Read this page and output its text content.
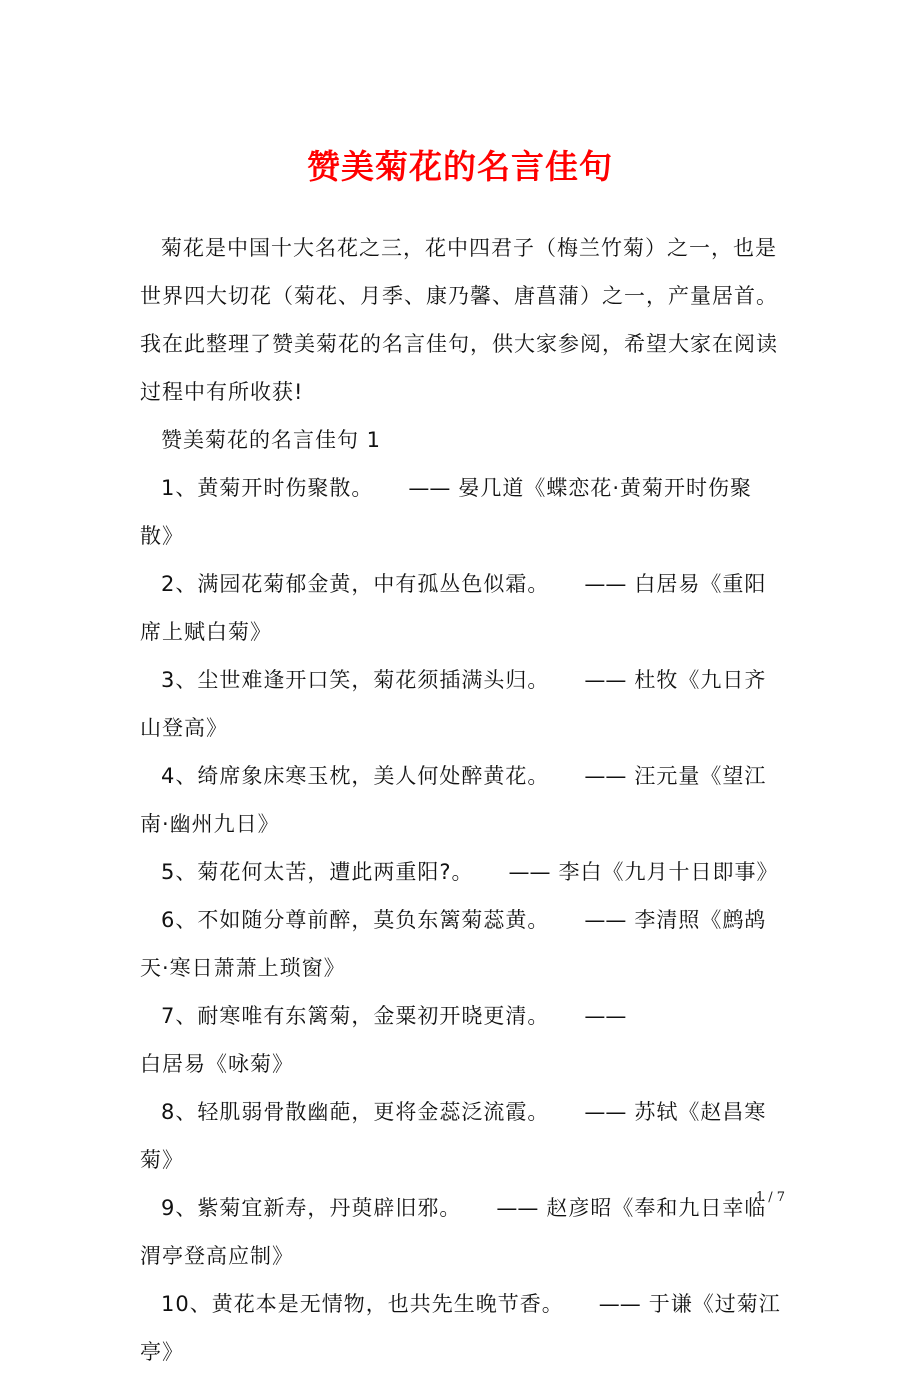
赞美菊花的名言佳句

菊花是中国十大名花之三，花中四君子（梅兰竹菊）之一，也是世界四大切花（菊花、月季、康乃馨、唐菖蒲）之一，产量居首。我在此整理了赞美菊花的名言佳句，供大家参阅，希望大家在阅读过程中有所收获!

赞美菊花的名言佳句 1

1、黄菊开时伤聚散。 —— 晏几道《蝶恋花·黄菊开时伤聚散》

2、满园花菊郁金黄，中有孤丛色似霜。 —— 白居易《重阳席上赋白菊》

3、尘世难逢开口笑，菊花须插满头归。 —— 杜牧《九日齐山登高》

4、绮席象床寒玉枕，美人何处醉黄花。 —— 汪元量《望江南·幽州九日》

5、菊花何太苦，遭此两重阳?。 —— 李白《九月十日即事》

6、不如随分尊前醉，莫负东篱菊蕊黄。 —— 李清照《鹧鸪天·寒日萧萧上琐窗》

7、耐寒唯有东篱菊，金粟初开晓更清。 ——白居易《咏菊》

8、轻肌弱骨散幽葩，更将金蕊泛流霞。 —— 苏轼《赵昌寒菊》

9、紫菊宜新寿，丹萸辟旧邪。 —— 赵彦昭《奉和九日幸临渭亭登高应制》

10、黄花本是无情物，也共先生晚节香。 —— 于谦《过菊江亭》

1 / 7
